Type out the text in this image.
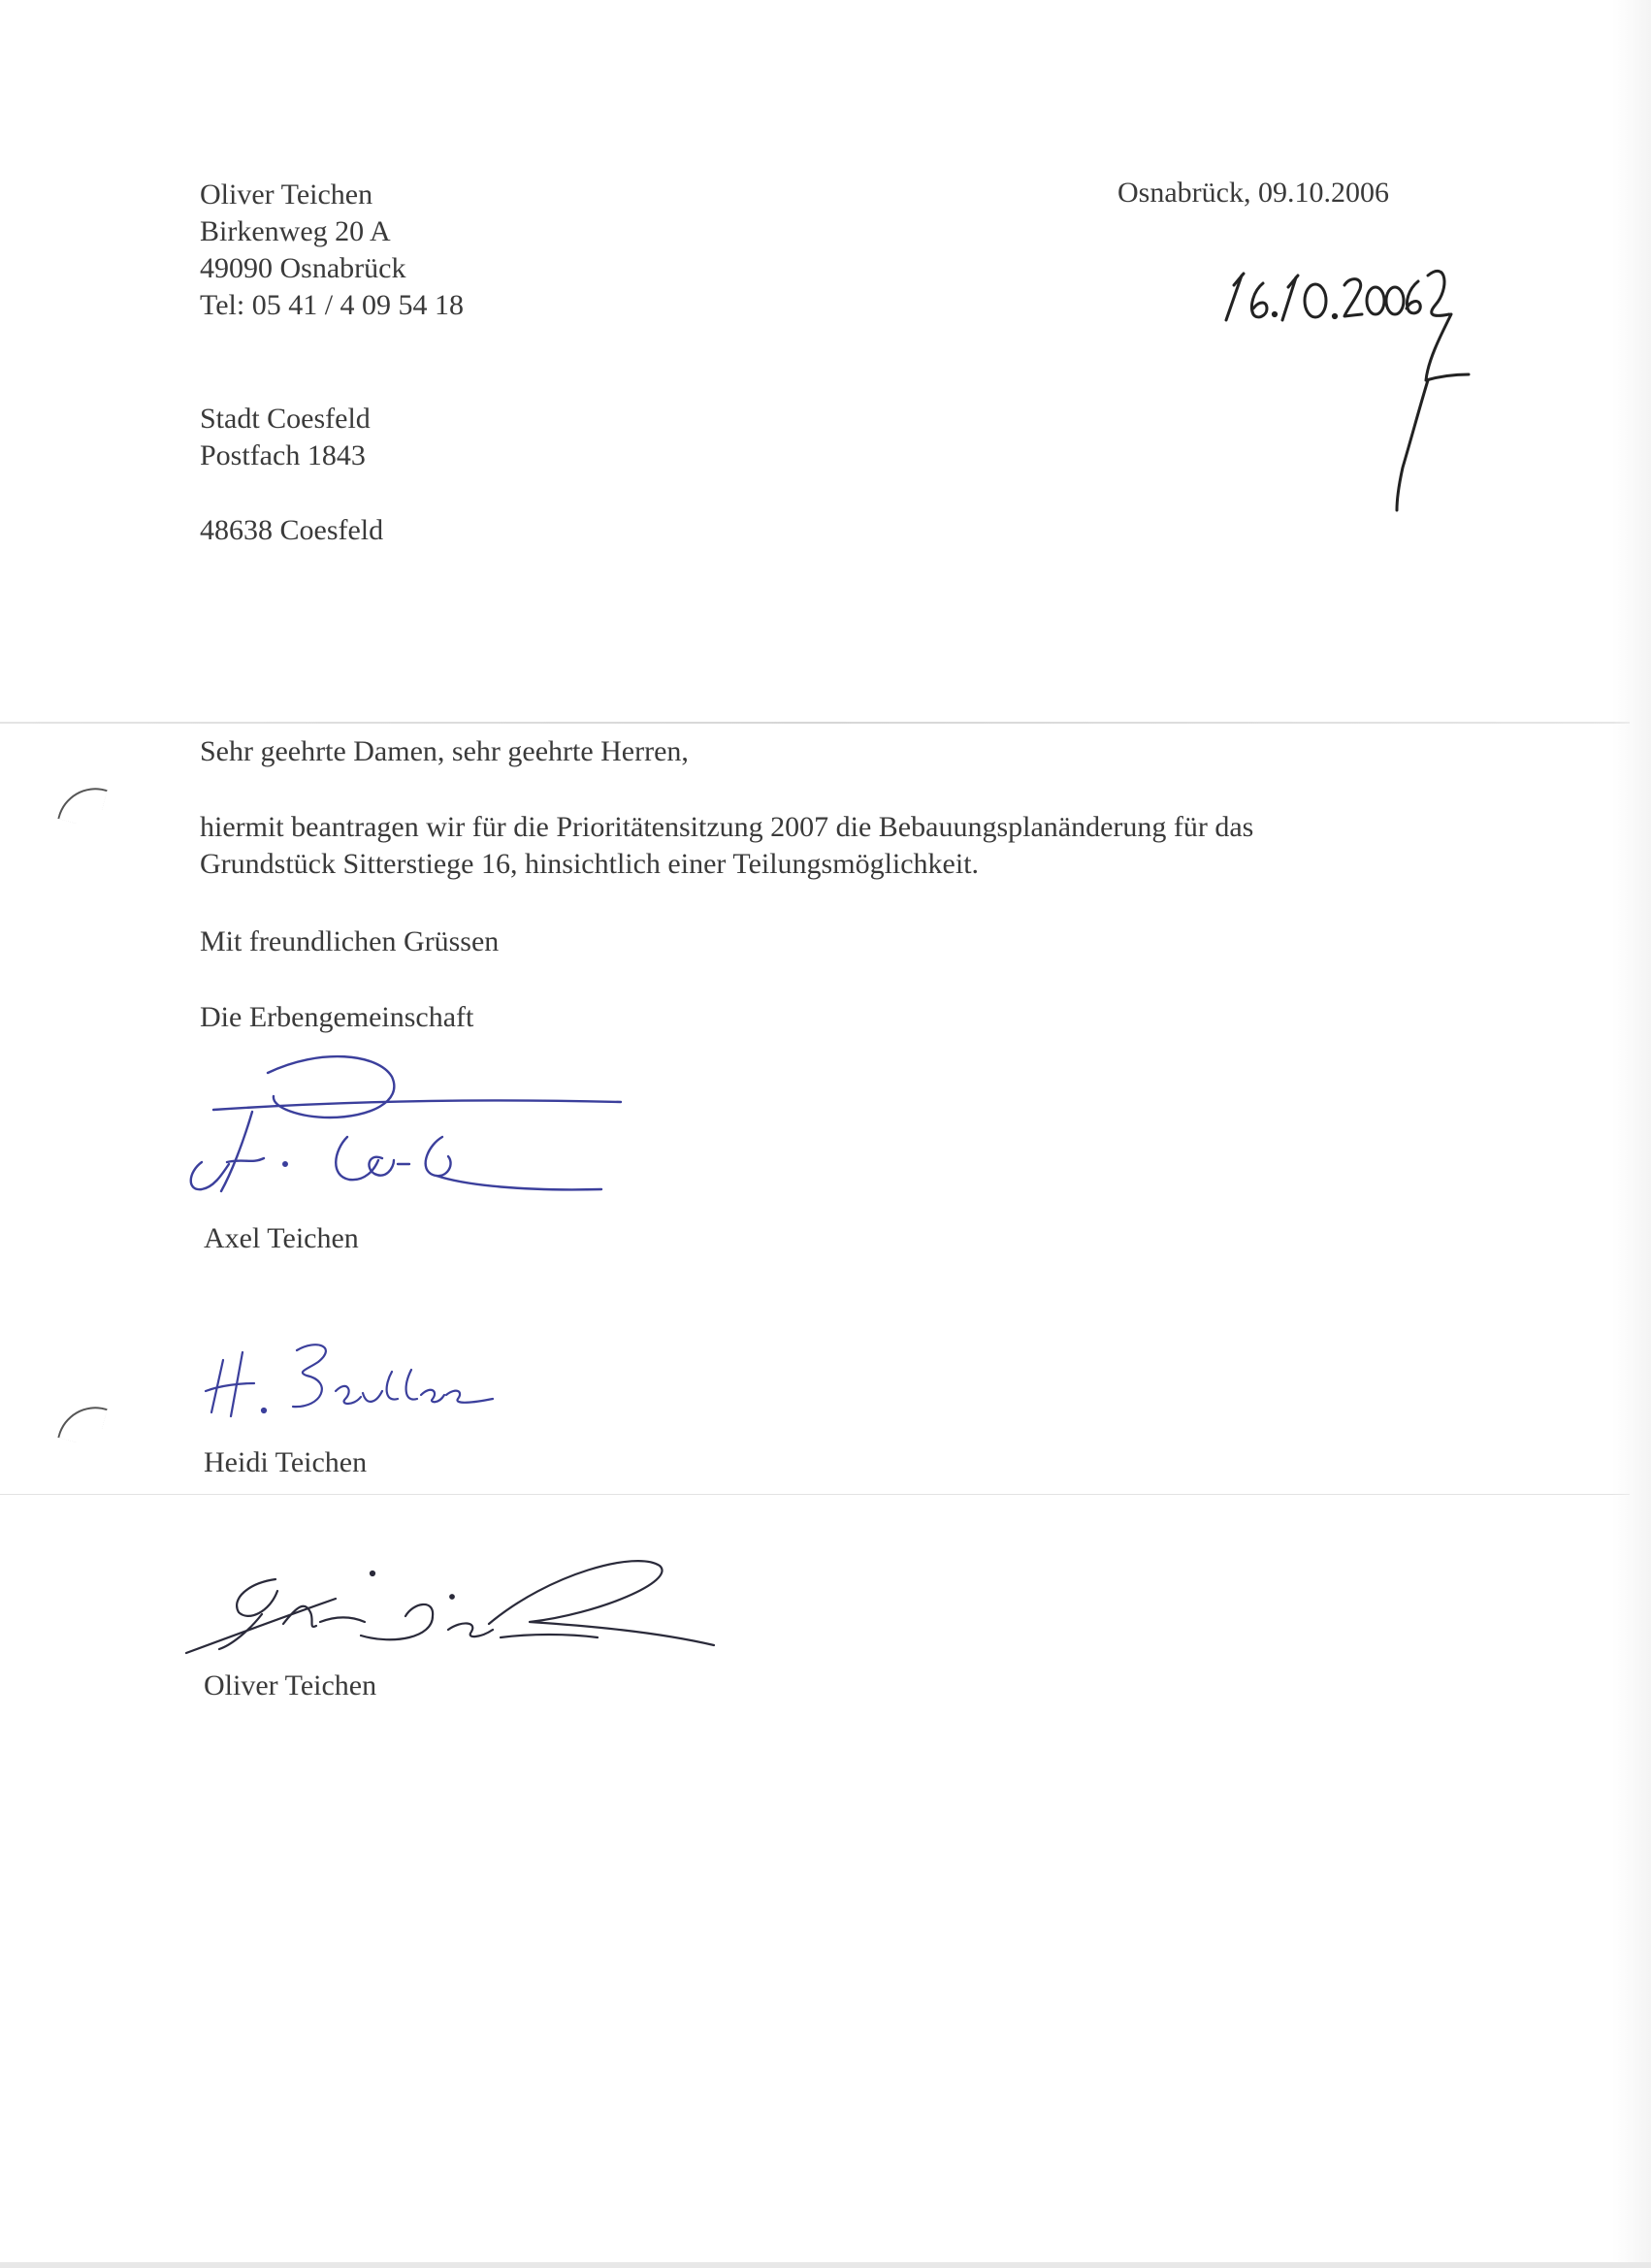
Oliver Teichen
Birkenweg 20 A
49090 Osnabrück
Tel: 05 41 / 4 09 54 18
Osnabrück, 09.10.2006
Stadt Coesfeld
Postfach 1843
48638 Coesfeld
Sehr geehrte Damen, sehr geehrte Herren,
hiermit beantragen wir für die Prioritätensitzung 2007 die Bebauungsplanänderung für das
Grundstück Sitterstiege 16, hinsichtlich einer Teilungsmöglichkeit.
Mit freundlichen Grüssen
Die Erbengemeinschaft
Axel Teichen
Heidi Teichen
Oliver Teichen
